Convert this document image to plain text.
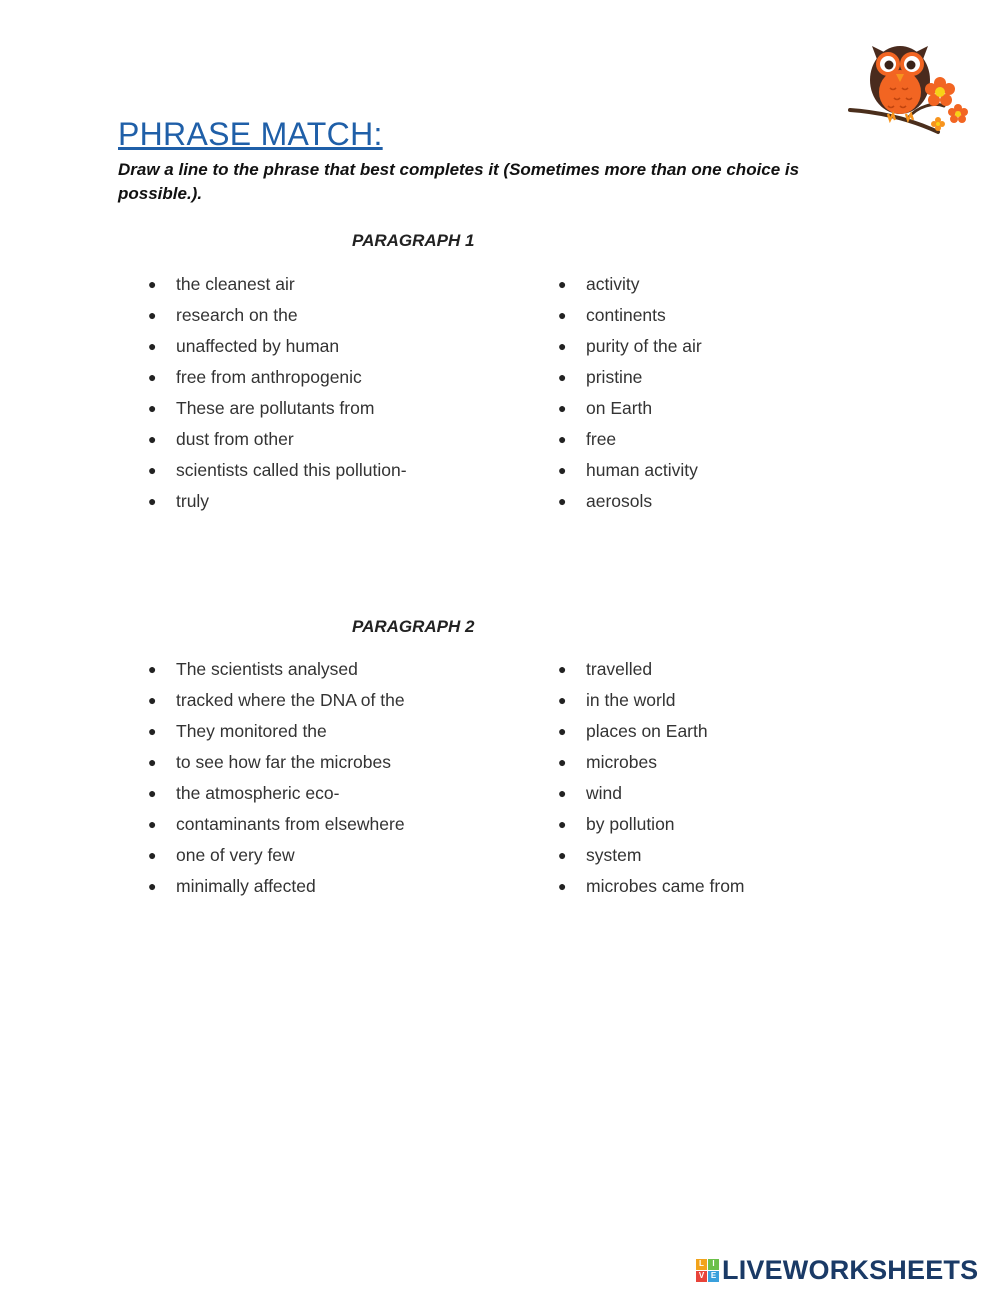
PHRASE MATCH:
Draw a line to the phrase that best completes it (Sometimes more than one choice is possible.).
PARAGRAPH 1
● the cleanest air
● research on the
● unaffected by human
● free from anthropogenic
● These are pollutants from
● dust from other
● scientists called this pollution-
● truly
● activity
● continents
● purity of the air
● pristine
● on Earth
● free
● human activity
● aerosols
PARAGRAPH 2
● The scientists analysed
● tracked where the DNA of the
● They monitored the
● to see how far the microbes
● the atmospheric eco-
● contaminants from elsewhere
● one of very few
● minimally affected
● travelled
● in the world
● places on Earth
● microbes
● wind
● by pollution
● system
● microbes came from
L	I
V E LIVEWORKSHEETS
